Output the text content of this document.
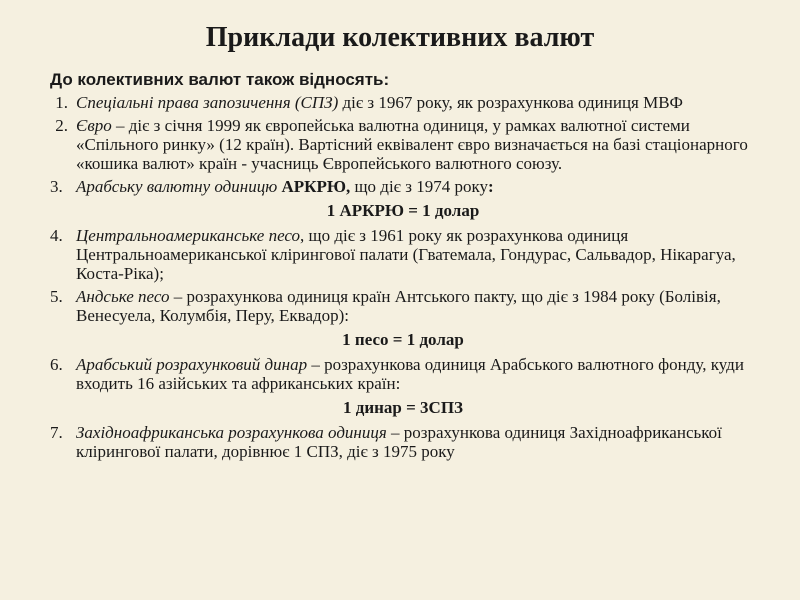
Приклади колективних валют
До колективних валют також відносять:
1. Спеціальні права запозичення (СПЗ) діє з 1967 року, як розрахункова одиниця МВФ
2. Євро – діє з січня 1999 як європейська валютна одиниця, у рамках валютної системи «Спільного ринку» (12 країн). Вартісний еквівалент євро визначається на базі стаціонарного «кошика валют» країн - учасниць Європейського валютного союзу.
3. Арабську валютну одиницю АРКРЮ, що діє з 1974 року:
1 АРКРЮ = 1 долар
4. Центральноамериканське песо, що діє з 1961 року як розрахункова одиниця Центральноамериканської клірингової палати (Гватемала, Гондурас, Сальвадор, Нікарагуа, Коста-Ріка);
5. Андське песо – розрахункова одиниця країн Антського пакту, що діє з 1984 року (Болівія, Венесуела, Колумбія, Перу, Еквадор):
1 песо = 1 долар
6. Арабський розрахунковий динар – розрахункова одиниця Арабського валютного фонду, куди входить 16 азійських та африканських країн:
1 динар = 3СПЗ
7. Західноафриканська розрахункова одиниця – розрахункова одиниця Західноафриканської клірингової палати, дорівнює 1 СПЗ, діє з 1975 року
